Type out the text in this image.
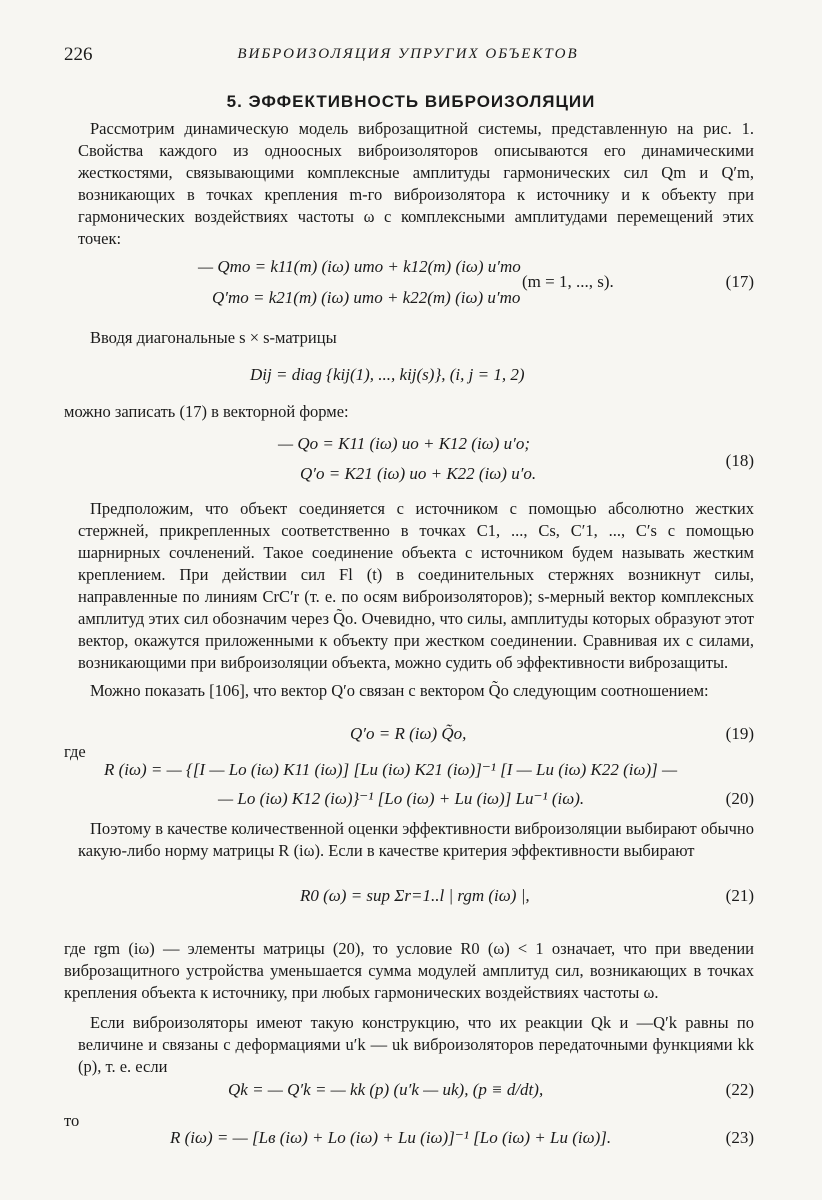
226	ВИБРОИЗОЛЯЦИЯ УПРУГИХ ОБЪЕКТОВ
5. ЭФФЕКТИВНОСТЬ ВИБРОИЗОЛЯЦИИ

Рассмотрим динамическую модель виброзащитной системы, представленную на рис. 1. Свойства каждого из одноосных виброизоляторов описываются его динамическими жесткостями, связывающими комплексные амплитуды гармонических сил Qm и Q′m, возникающих в точках крепления m-го виброизолятора к источнику и к объекту при гармонических воздействиях частоты ω с комплексными амплитудами перемещений этих точек:

— Qmo = k11(m) (iω) umo + k12(m) (iω) u′mo
Q′mo = k21(m) (iω) umo + k22(m) (iω) u′mo
(m = 1, ..., s).	(17)

Вводя диагональные s × s-матрицы

Dij = diag {kij(1), ..., kij(s)}, (i, j = 1, 2)

можно записать (17) в векторной форме:

— Qo = K11 (iω) uo + K12 (iω) u′o;
Q′o = K21 (iω) uo + K22 (iω) u′o.
(18)

Предположим, что объект соединяется с источником с помощью абсолютно жестких стержней, прикрепленных соответственно в точках C1, ..., Cs, C′1, ..., C′s с помощью шарнирных сочленений. Такое соединение объекта с источником будем называть жестким креплением. При действии сил Fl (t) в соединительных стержнях возникнут силы, направленные по линиям CrC′r (т. е. по осям виброизоляторов); s-мерный вектор комплексных амплитуд этих сил обозначим через Q̃o. Очевидно, что силы, амплитуды которых образуют этот вектор, окажутся приложенными к объекту при жестком соединении. Сравнивая их с силами, возникающими при виброизоляции объекта, можно судить об эффективности виброзащиты.

Можно показать [106], что вектор Q′o связан с вектором Q̃o следующим соотношением:

Q′o = R (iω) Q̃o,	(19)
где
R (iω) = — {[I — Lo (iω) K11 (iω)] [Lи (iω) K21 (iω)]⁻¹ [I — Lи (iω) K22 (iω)] —
— Lo (iω) K12 (iω)}⁻¹ [Lo (iω) + Lи (iω)] Lи⁻¹ (iω).	(20)

Поэтому в качестве количественной оценки эффективности виброизоляции выбирают обычно какую-либо норму матрицы R (iω). Если в качестве критерия эффективности выбирают

R0 (ω) = sup Σr=1..l | rgm (iω) |,	(21)

где rgm (iω) — элементы матрицы (20), то условие R0 (ω) < 1 означает, что при введении виброзащитного устройства уменьшается сумма модулей амплитуд сил, возникающих в точках крепления объекта к источнику, при любых гармонических воздействиях частоты ω.

Если виброизоляторы имеют такую конструкцию, что их реакции Qk и —Q′k равны по величине и связаны с деформациями u′k — uk виброизоляторов передаточными функциями kk (p), т. е. если

Qk = — Q′k = — kk (p) (u′k — uk), (p ≡ d/dt),	(22)
то
R (iω) = — [Lв (iω) + Lo (iω) + Lи (iω)]⁻¹ [Lo (iω) + Lи (iω)].	(23)
